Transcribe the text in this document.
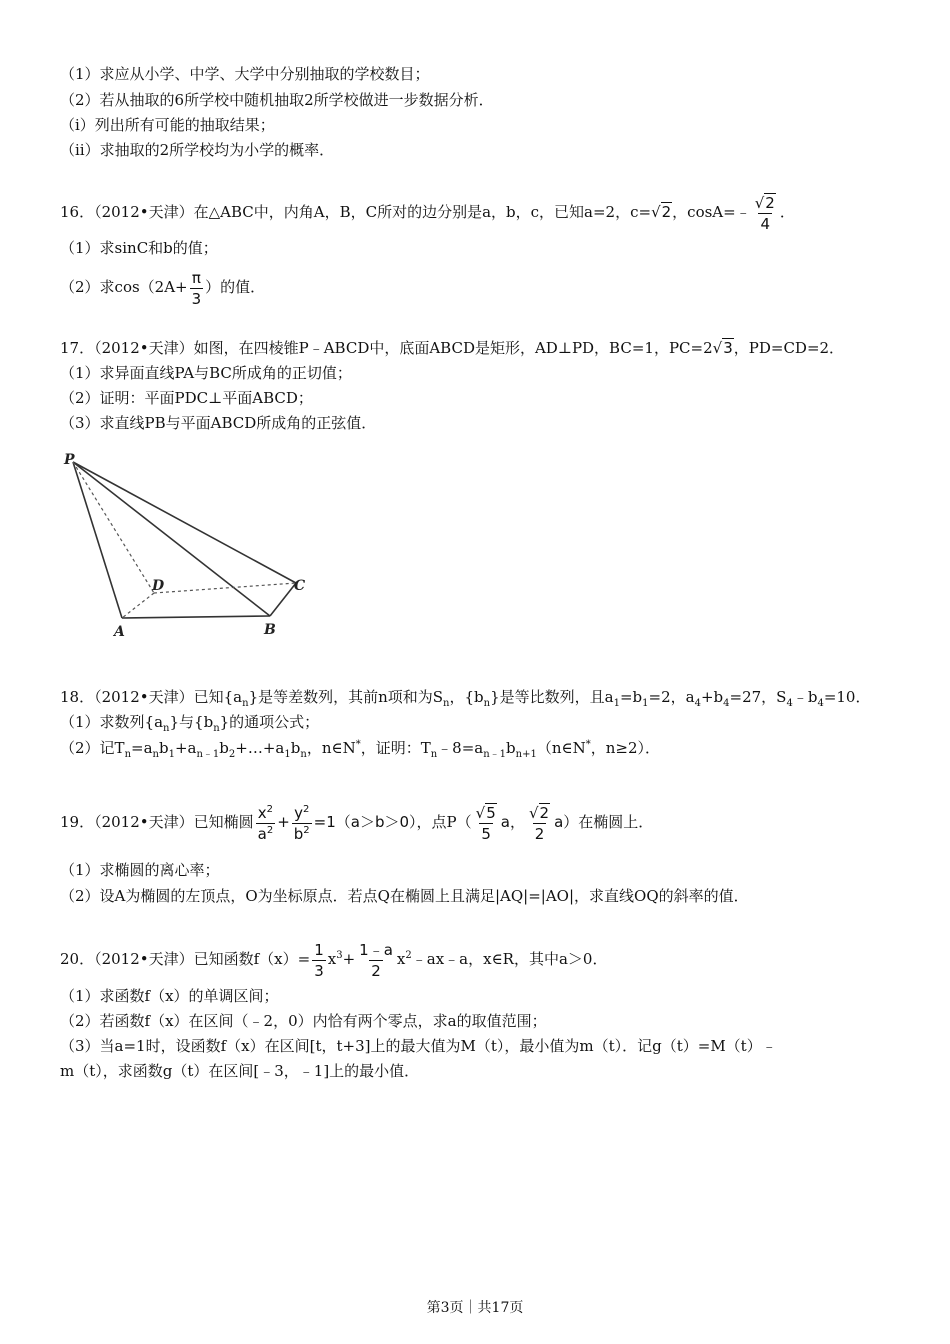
（1）求应从小学、中学、大学中分别抽取的学校数目；
（2）若从抽取的6所学校中随机抽取2所学校做进一步数据分析．
（ⅰ）列出所有可能的抽取结果；
（ⅱ）求抽取的2所学校均为小学的概率．
16．（2012•天津）在△ABC中，内角A，B，C所对的边分别是a，b，c，已知a=2，c=√2，cosA=﹣ $\frac{√2}{4}$ ．
（1）求sinC和b的值；
（2）求$\cos(2A+ \frac{\pi}{3}$ ）的值．
17．（2012•天津）如图，在四棱锥P﹣ABCD中，底面ABCD是矩形，AD⊥PD，BC=1，PC=2√3，PD=CD=2．
（1）求异面直线PA与BC所成角的正切值；
（2）证明：平面PDC⊥平面ABCD；
（3）求直线PB与平面ABCD所成角的正弦值．
P
D	C
A	B
18．（2012•天津）已知$\{a_n\}$是等差数列，其前n项和为$S_n$，$\{b_n\}$是等比数列，且$a_1=b_1=2$，$a_4+b_4=27$，$S_4﹣b_4=10$．
（1）求数列$\{a_n\}$与$\{b_n\}$的通项公式；
（2）记$T_n=a_nb_1+a_{n﹣1}b_2+\dots+a_1b_n$，n∈N*，证明：$T_n﹣8=a_{n﹣1}b_{n+1}(n\in N^*$，n≥2）．
19．（2012•天津）已知椭圆 $\frac{x^2}{a^2} + \frac{y^2}{b^2} =1(a>b>0)$，点$P( \frac{√5}{5}$ a， $\frac{√2}{2} a$）在椭圆上．
（1）求椭圆的离心率；
（2）设A为椭圆的左顶点，O为坐标原点．若点Q在椭圆上且满足|AQ|=|AO|，求直线OQ的斜率的值．
20．（2012•天津）已知函数$f(x)= \frac{1}{3} x^3+ \frac{1﹣a}{2}$ $x^2﹣ax﹣a$，x∈R，其中a＞0．
（1）求函数f（x）的单调区间；
（2）若函数f（x）在区间（﹣2，0）内恰有两个零点，求a的取值范围；
（3）当a=1时，设函数f（x）在区间[t，t+3]上的最大值为M（t），最小值为m（t）．记g（t）=M（t）﹣
m（t），求函数g（t）在区间[﹣3，﹣1]上的最小值．
第3页｜共17页
